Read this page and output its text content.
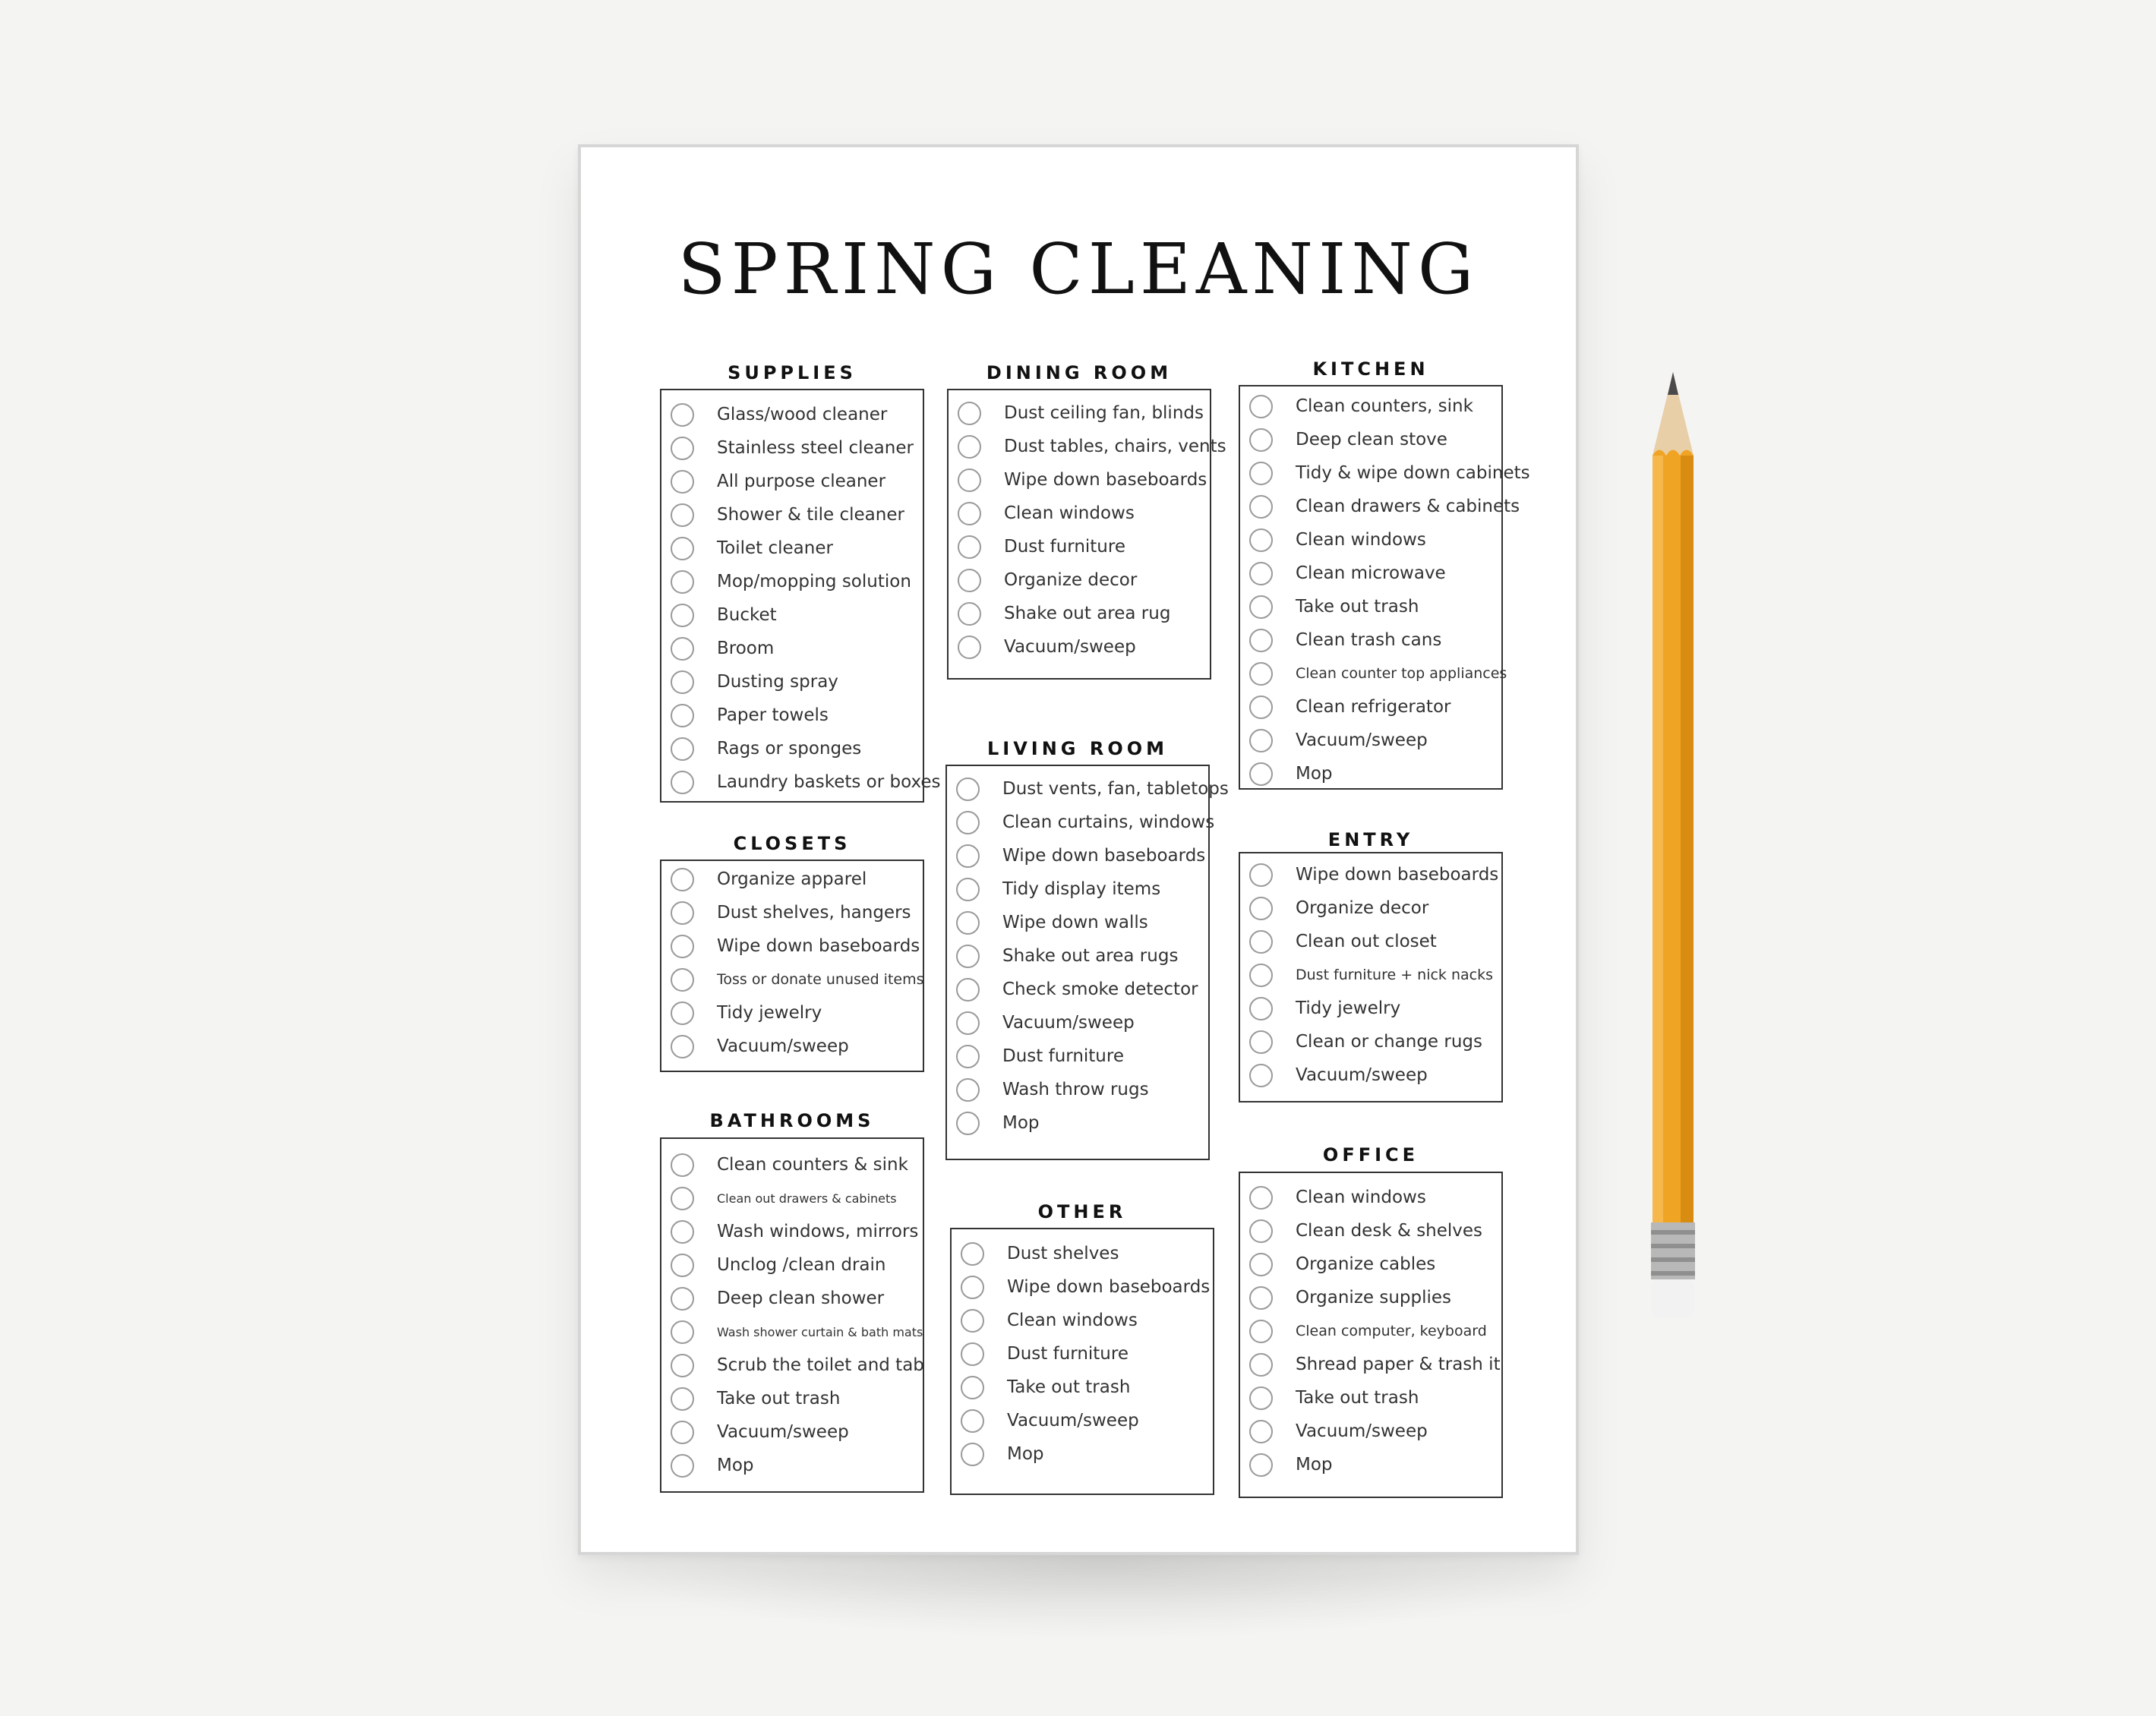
SPRING CLEANING
SUPPLIES
Glass/wood cleaner
Stainless steel cleaner
All purpose cleaner
Shower & tile cleaner
Toilet cleaner
Mop/mopping solution
Bucket
Broom
Dusting spray
Paper towels
Rags or sponges
Laundry baskets or boxes
CLOSETS
Organize apparel
Dust shelves, hangers
Wipe down baseboards
Toss or donate unused items
Tidy jewelry
Vacuum/sweep
BATHROOMS
Clean counters & sink
Clean out drawers & cabinets
Wash windows, mirrors
Unclog /clean drain
Deep clean shower
Wash shower curtain & bath mats
Scrub the toilet and tab
Take out trash
Vacuum/sweep
Mop
DINING ROOM
Dust ceiling fan, blinds
Dust tables, chairs, vents
Wipe down baseboards
Clean windows
Dust furniture
Organize decor
Shake out area rug
Vacuum/sweep
LIVING ROOM
Dust vents, fan, tabletops
Clean curtains, windows
Wipe down baseboards
Tidy display items
Wipe down walls
Shake out area rugs
Check smoke detector
Vacuum/sweep
Dust furniture
Wash throw rugs
Mop
OTHER
Dust shelves
Wipe down baseboards
Clean windows
Dust furniture
Take out trash
Vacuum/sweep
Mop
KITCHEN
Clean counters, sink
Deep clean stove
Tidy & wipe down cabinets
Clean drawers & cabinets
Clean windows
Clean microwave
Take out trash
Clean trash cans
Clean counter top appliances
Clean refrigerator
Vacuum/sweep
Mop
ENTRY
Wipe down baseboards
Organize decor
Clean out closet
Dust furniture + nick nacks
Tidy jewelry
Clean or change rugs
Vacuum/sweep
OFFICE
Clean windows
Clean desk & shelves
Organize cables
Organize supplies
Clean computer, keyboard
Shread paper & trash it
Take out trash
Vacuum/sweep
Mop
